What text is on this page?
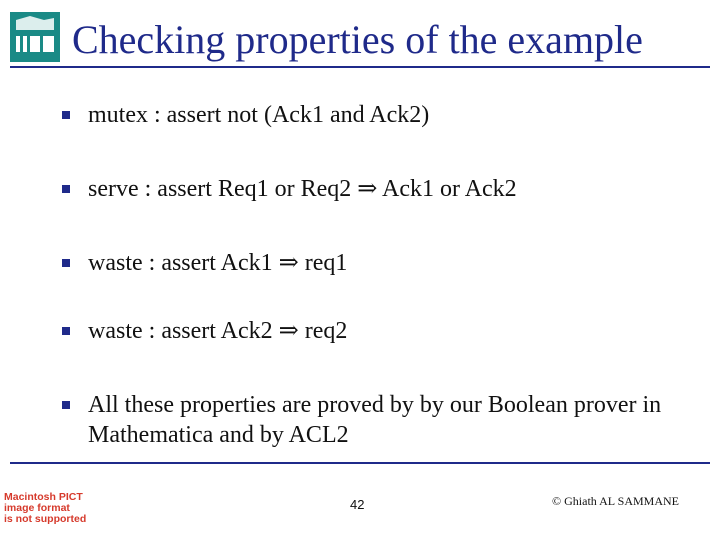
Checking properties of the example
mutex : assert not (Ack1 and Ack2)
serve : assert Req1 or Req2 ⇒ Ack1 or Ack2
waste : assert Ack1 ⇒ req1
waste : assert Ack2 ⇒ req2
All these properties are proved by by our Boolean prover in Mathematica and by ACL2
Macintosh PICT
image format
is not supported
42	© Ghiath AL SAMMANE
